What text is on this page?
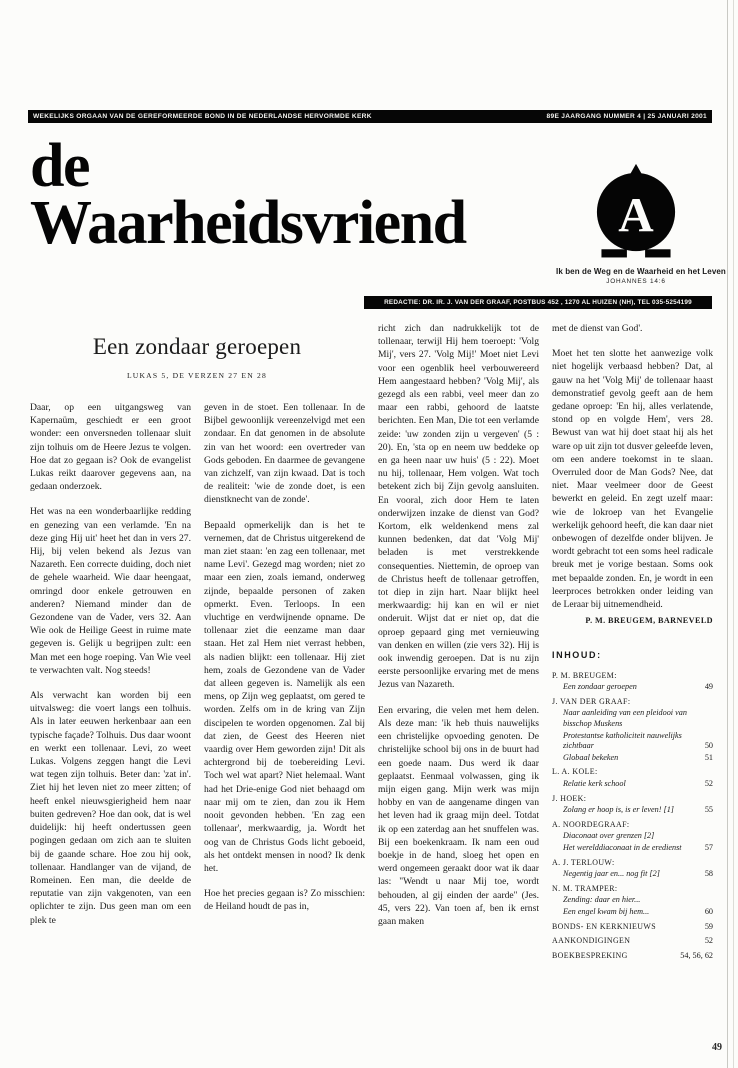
WEKELIJKS ORGAAN VAN DE GEREFORMEERDE BOND IN DE NEDERLANDSE HERVORMDE KERK	89E JAARGANG NUMMER 4 | 25 JANUARI 2001
de
Waarheidsvriend	A
Ik ben de Weg en de Waarheid en het Leven
JOHANNES 14:6
REDACTIE: DR. IR. J. VAN DER GRAAF, POSTBUS 452 , 1270 AL HUIZEN (NH), TEL 035-5254199
Een zondaar geroepen
LUKAS 5, DE VERZEN 27 EN 28

Daar, op een uitgangsweg van Kapernaüm, geschiedt er een groot wonder: een onversneden tollenaar sluit zijn tolhuis om de Heere Jezus te volgen. Hoe dat zo gegaan is? Ook de evangelist Lukas reikt daarover gegevens aan, na gedaan onderzoek.

Het was na een wonderbaarlijke redding en genezing van een verlamde. 'En na deze ging Hij uit' heet het dan in vers 27. Hij, bij velen bekend als Jezus van Nazareth. Een correcte duiding, doch niet de gehele waarheid. Wie daar heengaat, omringd door enkele getrouwen en anderen? Niemand minder dan de Gezondene van de Vader, vers 32. Aan Wie ook de Heilige Geest in ruime mate gegeven is. Gelijk u begrijpen zult: een Man met een hoge roeping. Van Wie veel te verwachten valt. Nog steeds!

Als verwacht kan worden bij een uitvalsweg: die voert langs een tolhuis. Als in later eeuwen herkenbaar aan een typische façade? Tolhuis. Dus daar woont en werkt een tollenaar. Levi, zo weet Lukas. Volgens zeggen hangt die Levi wat tegen zijn tolhuis. Beter dan: 'zat in'. Ziet hij het leven niet zo meer zitten; of heeft enkel nieuwsgierigheid hem naar buiten gedreven? Hoe dan ook, dat is wel duidelijk: hij heeft ondertussen geen pogingen gedaan om zich aan te sluiten bij de gaande schare. Hoe zou hij ook, tollenaar. Handlanger van de vijand, de Romeinen. Een man, die deelde de reputatie van zijn vakgenoten, van een oplichter te zijn. Dus geen man om een plek te

geven in de stoet. Een tollenaar. In de Bijbel gewoonlijk vereenzelvigd met een zondaar. En dat genomen in de absolute zin van het woord: een overtreder van Gods geboden. En daarmee de gevangene van zichzelf, van zijn kwaad. Dat is toch de realiteit: 'wie de zonde doet, is een dienstknecht van de zonde'.

Bepaald opmerkelijk dan is het te vernemen, dat de Christus uitgerekend de man ziet staan: 'en zag een tollenaar, met name Levi'. Gezegd mag worden; niet zo maar een zien, zoals iemand, onderweg zijnde, bepaalde personen of zaken opmerkt. Even. Terloops. In een vluchtige en verdwijnende opname. De tollenaar ziet die eenzame man daar staan. Het zal Hem niet verrast hebben, als nadien blijkt: een tollenaar. Hij ziet hem, zoals de Gezondene van de Vader dat alleen gegeven is. Namelijk als een mens, op Zijn weg geplaatst, om gered te worden. Zelfs om in de kring van Zijn discipelen te worden opgenomen. Zal bij dat zien, de Geest des Heeren niet vaardig over Hem geworden zijn! Dit als achtergrond bij de toebereiding Levi. Toch wel wat apart? Niet helemaal. Want had het Drie-enige God niet behaagd om naar mij om te zien, dan zou ik Hem nooit gevonden hebben. 'En zag een tollenaar', merkwaardig, ja. Wordt het oog van de Christus Gods licht geboeid, als het ontdekt mensen in nood? Ik denk het.

Hoe het precies gegaan is? Zo misschien: de Heiland houdt de pas in,

richt zich dan nadrukkelijk tot de tollenaar, terwijl Hij hem toeroept: 'Volg Mij', vers 27. 'Volg Mij!' Moet niet Levi voor een ogenblik heel verbouwereerd Hem aangestaard hebben? 'Volg Mij', als gezegd als een rabbi, veel meer dan zo maar een rabbi, gehoord de laatste berichten. Een Man, Die tot een verlamde zeide: 'uw zonden zijn u vergeven' (5 : 20). En, 'sta op en neem uw beddeke op en ga heen naar uw huis' (5 : 22). Moet nu hij, tollenaar, Hem volgen. Wat toch betekent zich bij Zijn gevolg aansluiten. En vooral, zich door Hem te laten onderwijzen inzake de dienst van God? Kortom, elk weldenkend mens zal kunnen bedenken, dat dat 'Volg Mij' beladen is met verstrekkende consequenties. Niettemin, de oproep van de Christus heeft de tollenaar getroffen, tot diep in zijn hart. Naar blijkt heel merkwaardig: hij kan en wil er niet onderuit. Wijst dat er niet op, dat die oproep gepaard ging met vernieuwing van denken en willen (zie vers 32). Hij is ook inwendig geroepen. Dat is nu zijn eerste persoonlijke ervaring met de mens Jezus van Nazareth.

Een ervaring, die velen met hem delen. Als deze man: 'ik heb thuis nauwelijks een christelijke opvoeding genoten. De christelijke school bij ons in de buurt had een goede naam. Dus werd ik daar geplaatst. Eenmaal volwassen, ging ik mijn eigen gang. Mijn werk was mijn hobby en van de aangename dingen van het leven had ik graag mijn deel. Totdat ik op een zaterdag aan het snuffelen was. Bij een boekenkraam. Ik nam een oud boekje in de hand, sloeg het open en werd ongemeen geraakt door wat ik daar las: "Wendt u naar Mij toe, wordt behouden, al gij einden der aarde" (Jes. 45, vers 22). Van toen af, ben ik ernst gaan maken

met de dienst van God'.

Moet het ten slotte het aanwezige volk niet hogelijk verbaasd hebben? Dat, al gauw na het 'Volg Mij' de tollenaar haast demonstratief gevolg geeft aan de hem gedane oproep: 'En hij, alles verlatende, stond op en volgde Hem', vers 28. Bewust van wat hij doet staat hij als het ware op uit zijn tot dusver geleefde leven, om een andere toekomst in te slaan. Overruled door de Man Gods? Nee, dat niet. Maar veelmeer door de Geest bewerkt en geleid. En zegt uzelf maar: wie de lokroep van het Evangelie werkelijk gehoord heeft, die kan daar niet onbewogen of dezelfde onder blijven. Je wordt gebracht tot een soms heel radicale breuk met je vorige bestaan. Soms ook met bepaalde zonden. En, je wordt in een leerproces betrokken onder leiding van de Leraar bij uitnemendheid.

P. M. BREUGEM, BARNEVELD
INHOUD:
P. M. BREUGEM:
Een zondaar geroepen	49
J. VAN DER GRAAF:
Naar aanleiding van een pleidooi van bisschop Muskens
Protestantse katholiciteit nauwelijks zichtbaar	50
Globaal bekeken	51
L. A. KOLE:
Relatie kerk school	52
J. HOEK:
Zolang er hoop is, is er leven! [1]	55
A. NOORDEGRAAF:
Diaconaat over grenzen [2]
Het werelddiaconaat in de eredienst	57
A. J. TERLOUW:
Negentig jaar en... nog fit [2]	58
N. M. TRAMPER:
Zending: daar en hier...
Een engel kwam bij hem...	60
BONDS- EN KERKNIEUWS	59
AANKONDIGINGEN	52
BOEKBESPREKING	54, 56, 62
49
